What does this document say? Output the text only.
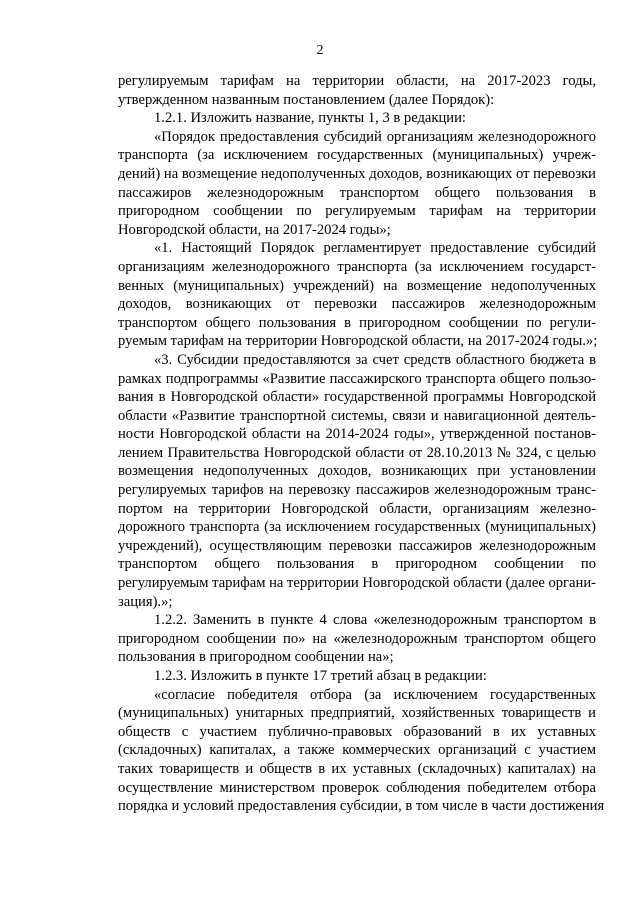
2
регулируемым тарифам на территории области, на 2017-2023 годы,
утвержденном названным постановлением (далее Порядок):
1.2.1. Изложить название, пункты 1, 3 в редакции:
«Порядок предоставления субсидий организациям железнодорожного
транспорта (за исключением государственных (муниципальных) учреж-
дений) на возмещение недополученных доходов, возникающих от перевозки
пассажиров железнодорожным транспортом общего пользования в
пригородном сообщении по регулируемым тарифам на территории
Новгородской области, на 2017-2024 годы»;
«1. Настоящий Порядок регламентирует предоставление субсидий
организациям железнодорожного транспорта (за исключением государст-
венных (муниципальных) учреждений) на возмещение недополученных
доходов, возникающих от перевозки пассажиров железнодорожным
транспортом общего пользования в пригородном сообщении по регули-
руемым тарифам на территории Новгородской области, на 2017-2024 годы.»;
«3. Субсидии предоставляются за счет средств областного бюджета в
рамках подпрограммы «Развитие пассажирского транспорта общего пользо-
вания в Новгородской области» государственной программы Новгородской
области «Развитие транспортной системы, связи и навигационной деятель-
ности Новгородской области на 2014-2024 годы», утвержденной постанов-
лением Правительства Новгородской области от 28.10.2013 № 324, с целью
возмещения недополученных доходов, возникающих при установлении
регулируемых тарифов на перевозку пассажиров железнодорожным транс-
портом на территории Новгородской области, организациям железно-
дорожного транспорта (за исключением государственных (муниципальных)
учреждений), осуществляющим перевозки пассажиров железнодорожным
транспортом общего пользования в пригородном сообщении по
регулируемым тарифам на территории Новгородской области (далее органи-
зация).»;
1.2.2. Заменить в пункте 4 слова «железнодорожным транспортом в
пригородном сообщении по» на «железнодорожным транспортом общего
пользования в пригородном сообщении на»;
1.2.3. Изложить в пункте 17 третий абзац в редакции:
«согласие победителя отбора (за исключением государственных
(муниципальных) унитарных предприятий, хозяйственных товариществ и
обществ с участием публично-правовых образований в их уставных
(складочных) капиталах, а также коммерческих организаций с участием
таких товариществ и обществ в их уставных (складочных) капиталах) на
осуществление министерством проверок соблюдения победителем отбора
порядка и условий предоставления субсидии, в том числе в части достижения
